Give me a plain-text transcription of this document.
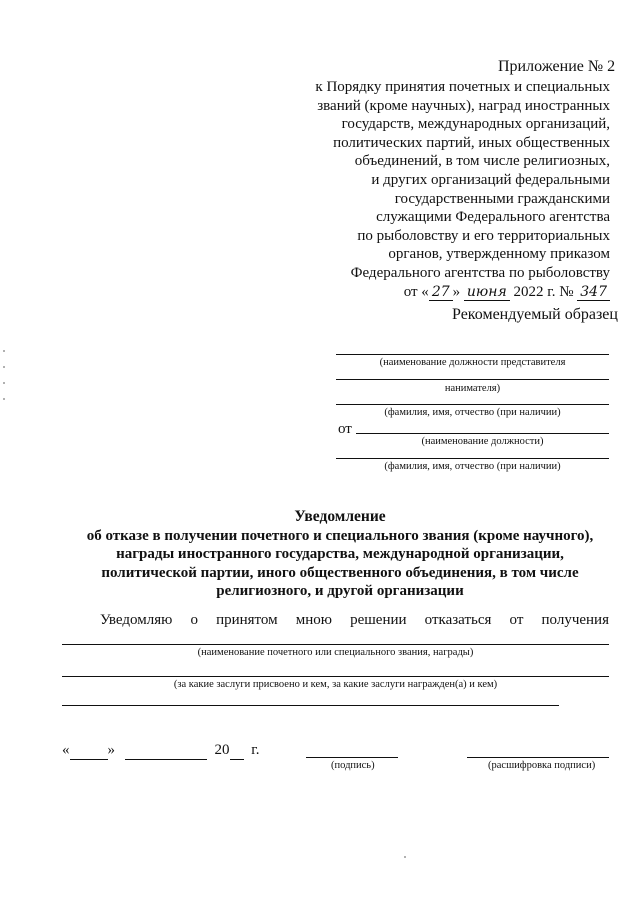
Приложение № 2
к Порядку принятия почетных и специальных
званий (кроме научных), наград иностранных
государств, международных организаций,
политических партий, иных общественных
объединений, в том числе религиозных,
и других организаций федеральными
государственными гражданскими
служащими Федерального агентства
по рыболовству и его территориальных
органов, утвержденному приказом
Федерального агентства по рыболовству
от « 27 » июня 2022 г. № 347
Рекомендуемый образец
(наименование должности представителя
нанимателя)
(фамилия, имя, отчество (при наличии)
от
(наименование должности)
(фамилия, имя, отчество (при наличии)
Уведомление
об отказе в получении почетного и специального звания (кроме научного),
награды иностранного государства, международной организации,
политической партии, иного общественного объединения, в том числе
религиозного, и другой организации
Уведомляю о принятом мною решении отказаться от получения
(наименование почетного или специального звания, награды)
(за какие заслуги присвоено и кем, за какие заслуги награжден(а) и кем)
«	»	20 г.
(подпись)	(расшифровка подписи)
